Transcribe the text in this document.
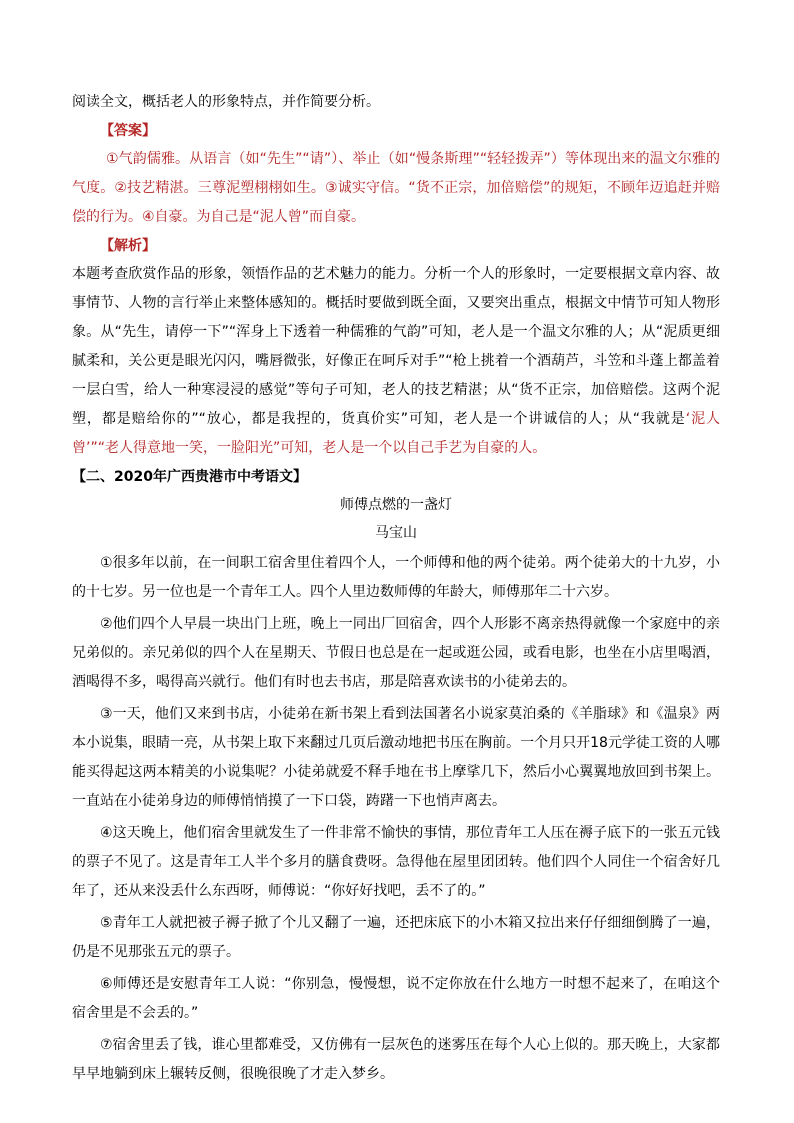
阅读全文，概括老人的形象特点，并作简要分析。

【答案】

①气韵儒雅。从语言（如“先生”“请”）、举止（如“慢条斯理”“轻轻拨弄”）等体现出来的温文尔雅的气度。②技艺精湛。三尊泥塑栩栩如生。③诚实守信。“货不正宗，加倍赔偿”的规矩，不顾年迈追赶并赔偿的行为。④自豪。为自己是“泥人曾”而自豪。

【解析】

本题考查欣赏作品的形象，领悟作品的艺术魅力的能力。分析一个人的形象时，一定要根据文章内容、故事情节、人物的言行举止来整体感知的。概括时要做到既全面，又要突出重点，根据文中情节可知人物形象。从“先生，请停一下”“浑身上下透着一种儒雅的气韵”可知，老人是一个温文尔雅的人；从“泥质更细腻柔和，关公更是眼光闪闪，嘴唇微张，好像正在呵斥对手”“枪上挑着一个酒葫芦，斗笠和斗蓬上都盖着一层白雪，给人一种寒浸浸的感觉”等句子可知，老人的技艺精湛；从“货不正宗，加倍赔偿。这两个泥塑，都是赔给你的”“放心，都是我捏的，货真价实”可知，老人是一个讲诚信的人；从“我就是‘泥人曾’”“老人得意地一笑，一脸阳光”可知，老人是一个以自己手艺为自豪的人。

【二、2020年广西贵港市中考语文】

师傅点燃的一盏灯

马宝山

①很多年以前，在一间职工宿舍里住着四个人，一个师傅和他的两个徒弟。两个徒弟大的十九岁，小的十七岁。另一位也是一个青年工人。四个人里边数师傅的年龄大，师傅那年二十六岁。

②他们四个人早晨一块出门上班，晚上一同出厂回宿舍，四个人形影不离亲热得就像一个家庭中的亲兄弟似的。亲兄弟似的四个人在星期天、节假日也总是在一起或逛公园，或看电影，也坐在小店里喝酒，酒喝得不多，喝得高兴就行。他们有时也去书店，那是陪喜欢读书的小徒弟去的。

③一天，他们又来到书店，小徒弟在新书架上看到法国著名小说家莫泊桑的《羊脂球》和《温泉》两本小说集，眼睛一亮，从书架上取下来翻过几页后激动地把书压在胸前。一个月只开18元学徒工资的人哪能买得起这两本精美的小说集呢？小徒弟就爱不释手地在书上摩挲几下，然后小心翼翼地放回到书架上。一直站在小徒弟身边的师傅悄悄摸了一下口袋，踌躇一下也悄声离去。

④这天晚上，他们宿舍里就发生了一件非常不愉快的事情，那位青年工人压在褥子底下的一张五元钱的票子不见了。这是青年工人半个多月的膳食费呀。急得他在屋里团团转。他们四个人同住一个宿舍好几年了，还从来没丢什么东西呀，师傅说：“你好好找吧，丢不了的。”

⑤青年工人就把被子褥子掀了个儿又翻了一遍，还把床底下的小木箱又拉出来仔仔细细倒腾了一遍，仍是不见那张五元的票子。

⑥师傅还是安慰青年工人说：“你别急，慢慢想，说不定你放在什么地方一时想不起来了，在咱这个宿舍里是不会丢的。”

⑦宿舍里丢了钱，谁心里都难受，又仿佛有一层灰色的迷雾压在每个人心上似的。那天晚上，大家都早早地躺到床上辗转反侧，很晚很晚了才走入梦乡。
